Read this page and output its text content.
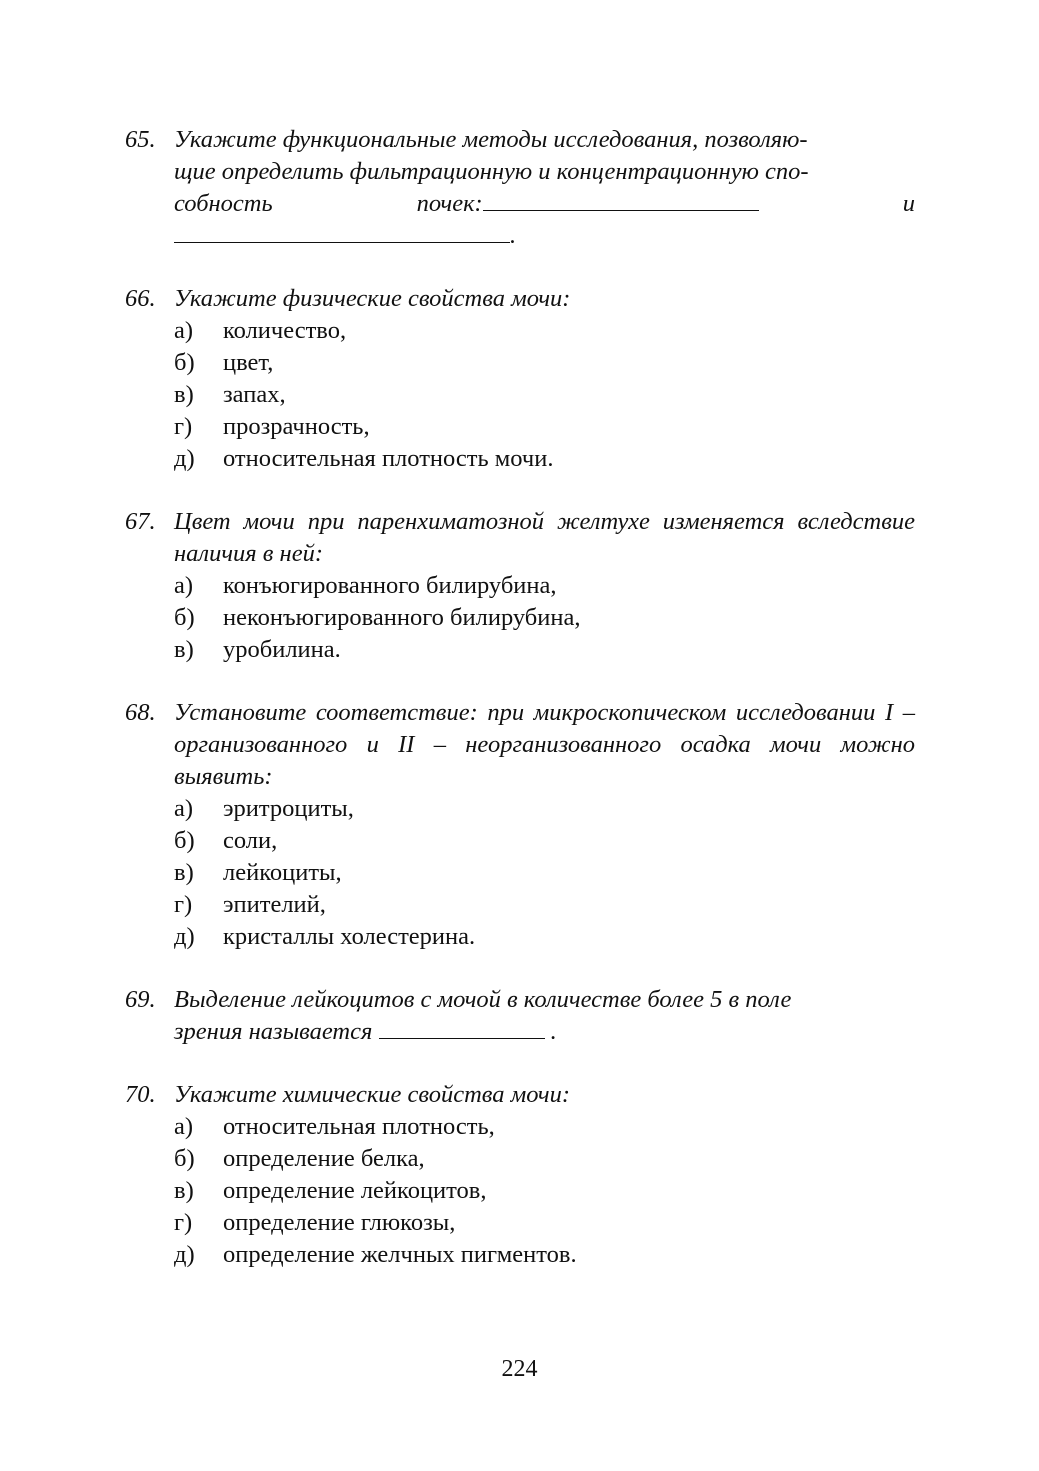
65. Укажите функциональные методы исследования, позволяю-
щие определить фильтрационную и концентрационную спо-
собность	почек:	и
.
66. Укажите физические свойства мочи:
а)	количество,
б)	цвет,
в)	запах,
г)	прозрачность,
д)	относительная плотность мочи.
67. Цвет мочи при паренхиматозной желтухе изменяется вследствие наличия в ней:
а)	конъюгированного билирубина,
б)	неконъюгированного билирубина,
в)	уробилина.
68. Установите соответствие: при микроскопическом исследовании I – организованного и II – неорганизованного осадка мочи можно выявить:
а)	эритроциты,
б)	соли,
в)	лейкоциты,
г)	эпителий,
д)	кристаллы холестерина.
69. Выделение лейкоцитов с мочой в количестве более 5 в поле
зрения называется	.
70. Укажите химические свойства мочи:
а)	относительная плотность,
б)	определение белка,
в)	определение лейкоцитов,
г)	определение глюкозы,
д)	определение желчных пигментов.
224
